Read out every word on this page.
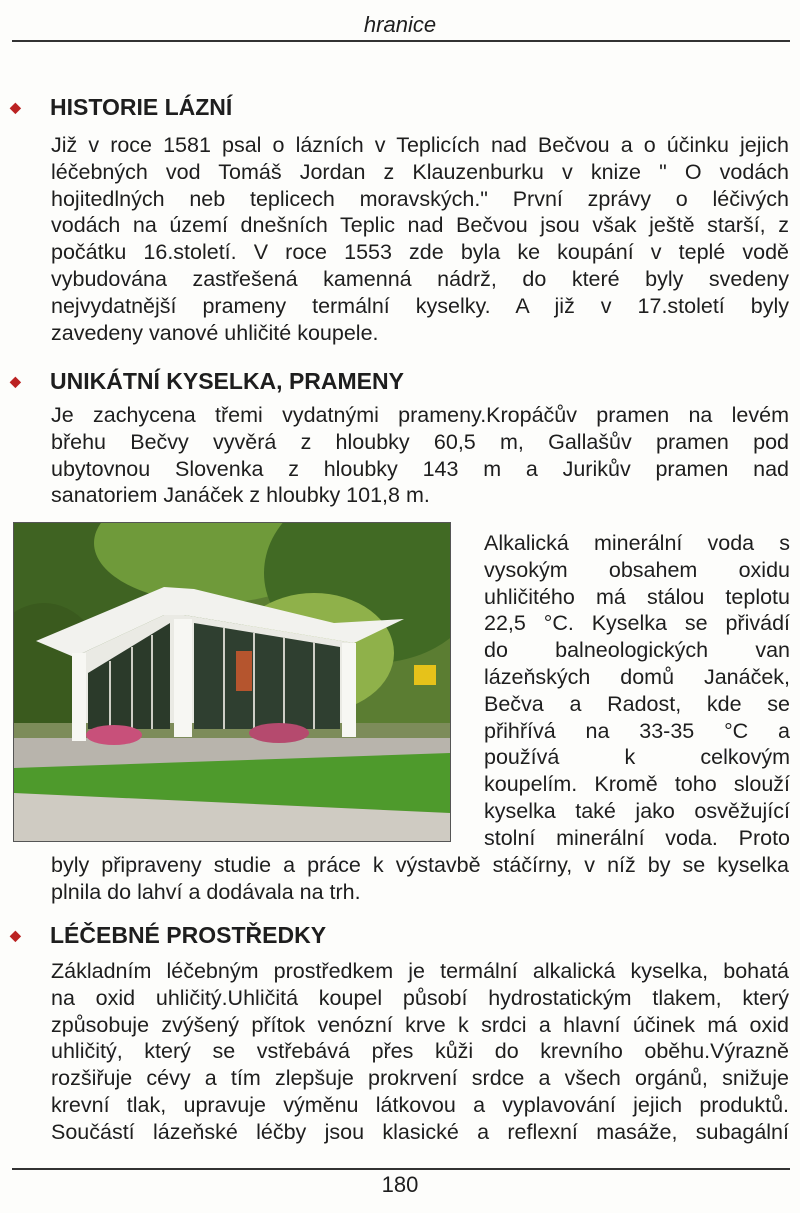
hranice
◆ HISTORIE LÁZNÍ
Již v roce 1581 psal o lázních v Teplicích nad Bečvou a o účinku jejich
léčebných vod Tomáš Jordan z Klauzenburku v knize " O vodách
hojitedlných neb teplicech moravských." První zprávy o léčivých
vodách na území dnešních Teplic nad Bečvou jsou však ještě starší, z
počátku 16.století. V roce 1553 zde byla ke koupání v teplé vodě
vybudována zastřešená kamenná nádrž, do které byly svedeny
nejvydatnější prameny termální kyselky. A již v 17.století byly
zavedeny vanové uhličité koupele.
◆ UNIKÁTNÍ KYSELKA, PRAMENY
Je zachycena třemi vydatnými prameny.Kropáčův pramen na levém
břehu Bečvy vyvěrá z hloubky 60,5 m, Gallašův pramen pod
ubytovnou Slovenka z hloubky 143 m a Jurikův pramen nad
sanatoriem Janáček z hloubky 101,8 m.
Alkalická minerální voda s
vysokým obsahem oxidu
uhličitého má stálou teplotu
22,5 °C. Kyselka se přivádí
do balneologických van
lázeňských domů Janáček,
Bečva a Radost, kde se
přihřívá na 33-35 °C a
používá k celkovým
koupelím. Kromě toho slouží
kyselka také jako osvěžující
stolní minerální voda. Proto
byly připraveny studie a práce k výstavbě stáčírny, v níž by se kyselka
plnila do lahví a dodávala na trh.
◆ LÉČEBNÉ PROSTŘEDKY
Základním léčebným prostředkem je termální alkalická kyselka, bohatá
na oxid uhličitý.Uhličitá koupel působí hydrostatickým tlakem, který
způsobuje zvýšený přítok venózní krve k srdci a hlavní účinek má oxid
uhličitý, který se vstřebává přes kůži do krevního oběhu.Výrazně
rozšiřuje cévy a tím zlepšuje prokrvení srdce a všech orgánů, snižuje
krevní tlak, upravuje výměnu látkovou a vyplavování jejich produktů.
Součástí lázeňské léčby jsou klasické a reflexní masáže, subagální
180
